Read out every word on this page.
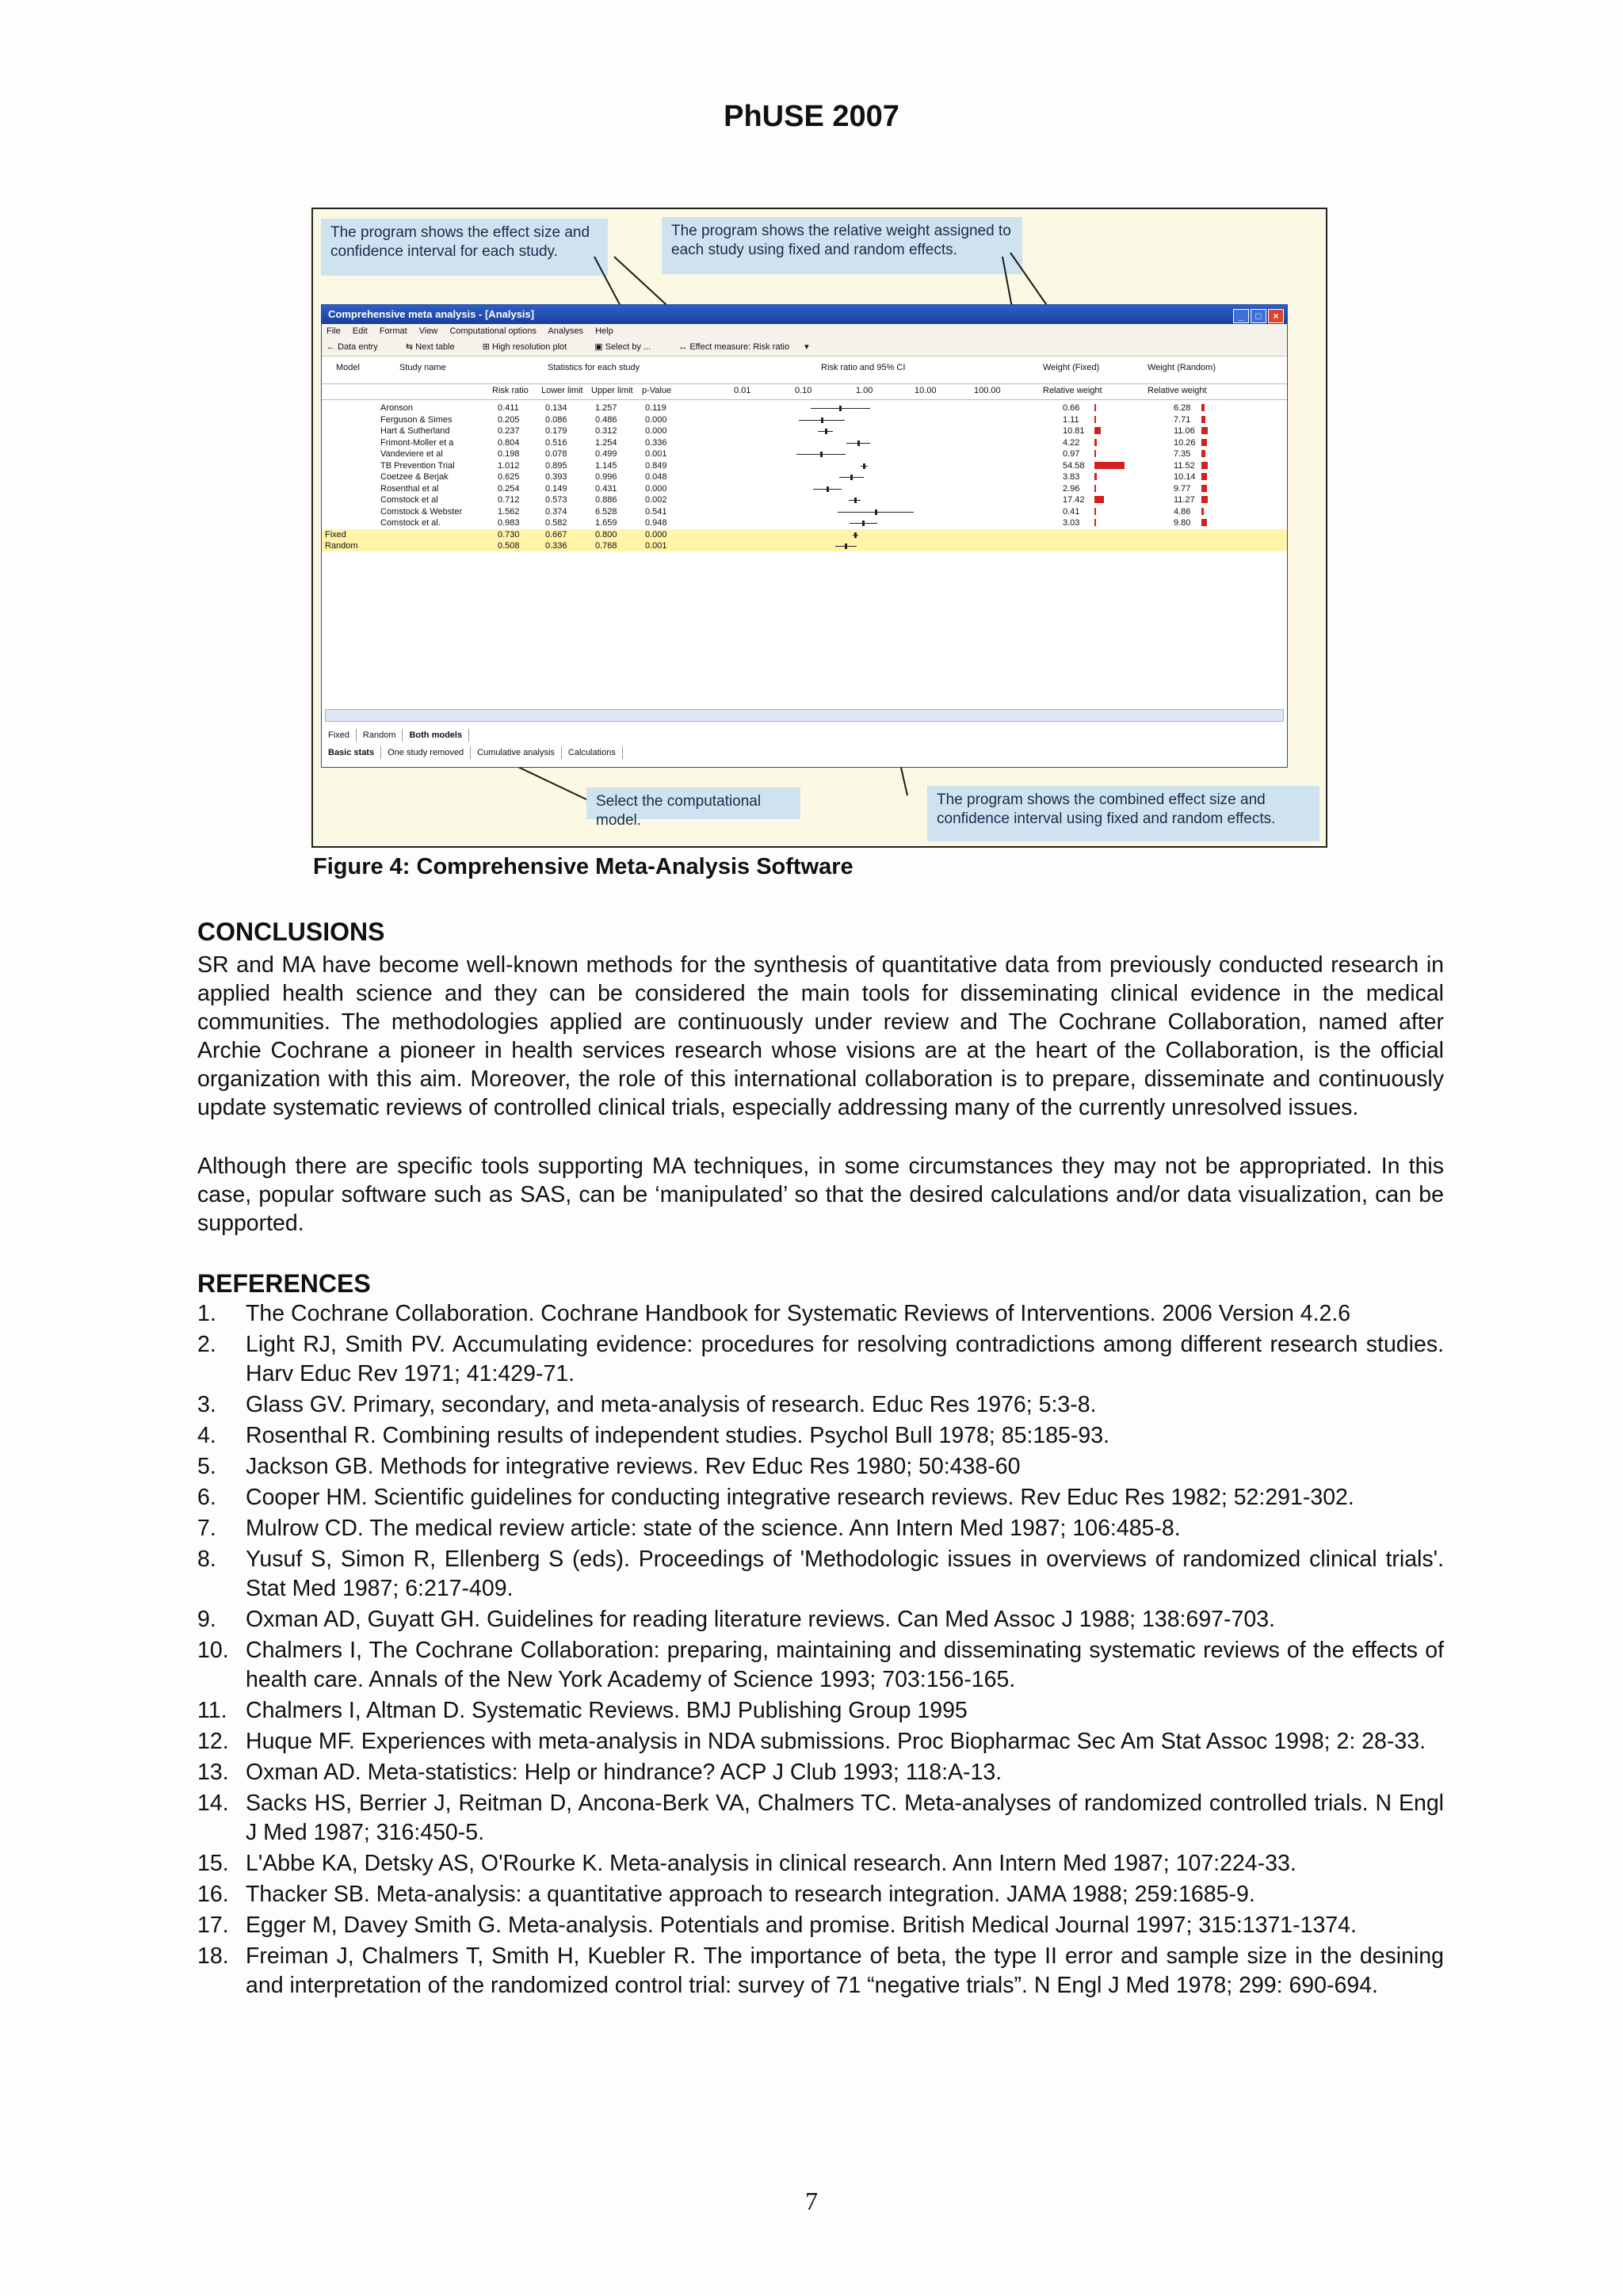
PhUSE 2007
The program shows the effect size and confidence interval for each study.
The program shows the relative weight assigned to each study using fixed and random effects.
Comprehensive meta analysis - [Analysis]	_ □ ×
File Edit Format View Computational options Analyses Help
← Data entry	⇆ Next table	⊞ High resolution plot	▣ Select by ...	↔ Effect measure: Risk ratio ▾
Model	Study name	Statistics for each study	Risk ratio and 95% CI	Weight (Fixed)	Weight (Random)
Risk ratio Lower limit Upper limit p-Value	0.01	0.10	1.00	10.00	100.00	Relative weight	Relative weight
Aronson	0.411	0.134	1.257	0.119	0.66	6.28
Ferguson & Simes	0.205	0.086	0.486	0.000	1.11	7.71
Hart & Sutherland	0.237	0.179	0.312	0.000	10.81	11.06
Frimont-Moller et a	0.804	0.516	1.254	0.336	4.22	10.26
Vandeviere et al	0.198	0.078	0.499	0.001	0.97	7.35
TB Prevention Trial	1.012	0.895	1.145	0.849	54.58	11.52
Coetzee & Berjak	0.625	0.393	0.996	0.048	3.83	10.14
Rosenthal et al	0.254	0.149	0.431	0.000	2.96	9.77
Comstock et al	0.712	0.573	0.886	0.002	17.42	11.27
Comstock & Webster	1.562	0.374	6.528	0.541	0.41	4.86
Comstock et al.	0.983	0.582	1.659	0.948	3.03	9.80
Fixed	0.730	0.667	0.800	0.000
Random	0.508	0.336	0.768	0.001
Fixed Random Both models
Basic stats One study removed Cumulative analysis Calculations
Select the computational model.
The program shows the combined effect size and confidence interval using fixed and random effects.
Figure 4: Comprehensive Meta-Analysis Software
CONCLUSIONS
SR and MA have become well-known methods for the synthesis of quantitative data from previously conducted research in applied health science and they can be considered the main tools for disseminating clinical evidence in the medical communities. The methodologies applied are continuously under review and The Cochrane Collaboration, named after Archie Cochrane a pioneer in health services research whose visions are at the heart of the Collaboration, is the official organization with this aim. Moreover, the role of this international collaboration is to prepare, disseminate and continuously update systematic reviews of controlled clinical trials, especially addressing many of the currently unresolved issues.
Although there are specific tools supporting MA techniques, in some circumstances they may not be appropriated. In this case, popular software such as SAS, can be ‘manipulated’ so that the desired calculations and/or data visualization, can be supported.
REFERENCES
1. The Cochrane Collaboration. Cochrane Handbook for Systematic Reviews of Interventions. 2006 Version 4.2.6
2. Light RJ, Smith PV. Accumulating evidence: procedures for resolving contradictions among different research studies. Harv Educ Rev 1971; 41:429-71.
3. Glass GV. Primary, secondary, and meta-analysis of research. Educ Res 1976; 5:3-8.
4. Rosenthal R. Combining results of independent studies. Psychol Bull 1978; 85:185-93.
5. Jackson GB. Methods for integrative reviews. Rev Educ Res 1980; 50:438-60
6. Cooper HM. Scientific guidelines for conducting integrative research reviews. Rev Educ Res 1982; 52:291-302.
7. Mulrow CD. The medical review article: state of the science. Ann Intern Med 1987; 106:485-8.
8. Yusuf S, Simon R, Ellenberg S (eds). Proceedings of 'Methodologic issues in overviews of randomized clinical trials'. Stat Med 1987; 6:217-409.
9. Oxman AD, Guyatt GH. Guidelines for reading literature reviews. Can Med Assoc J 1988; 138:697-703.
10. Chalmers I, The Cochrane Collaboration: preparing, maintaining and disseminating systematic reviews of the effects of health care. Annals of the New York Academy of Science 1993; 703:156-165.
11. Chalmers I, Altman D. Systematic Reviews. BMJ Publishing Group 1995
12. Huque MF. Experiences with meta-analysis in NDA submissions. Proc Biopharmac Sec Am Stat Assoc 1998; 2: 28-33.
13. Oxman AD. Meta-statistics: Help or hindrance? ACP J Club 1993; 118:A-13.
14. Sacks HS, Berrier J, Reitman D, Ancona-Berk VA, Chalmers TC. Meta-analyses of randomized controlled trials. N Engl J Med 1987; 316:450-5.
15. L'Abbe KA, Detsky AS, O'Rourke K. Meta-analysis in clinical research. Ann Intern Med 1987; 107:224-33.
16. Thacker SB. Meta-analysis: a quantitative approach to research integration. JAMA 1988; 259:1685-9.
17. Egger M, Davey Smith G. Meta-analysis. Potentials and promise. British Medical Journal 1997; 315:1371-1374.
18. Freiman J, Chalmers T, Smith H, Kuebler R. The importance of beta, the type II error and sample size in the desining and interpretation of the randomized control trial: survey of 71 “negative trials”. N Engl J Med 1978; 299: 690-694.
7
